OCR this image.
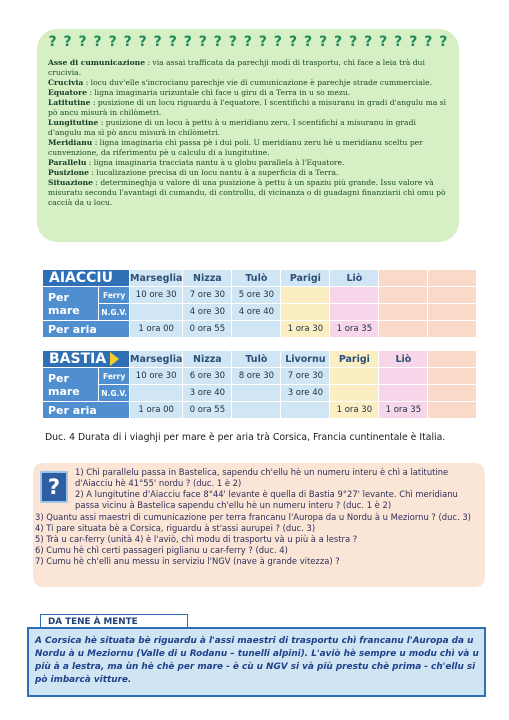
? ? ? ? ? ? ? ? ? ? ? ? ? ? ? ? ? ? ? ? ? ? ? ? ? ? ?

Asse di cumunicazione : via assai trafficata da parechji modi di trasportu, chì face a leia trà dui crucivia.

Crucivia : locu duv'elle s'incrocianu parechje vie di cumunicazione è parechje strade cummerciale.

Equatore : ligna imaginaria urizuntale chì face u giru di a Terra in u so mezu.

Latitutine : pusizione di un locu riguardu à l'equatore. I scentifichi a misuranu in gradi d'angulu ma sì pò ancu misurà in chilòmetri.

Lungitutine : pusizione di un locu à pettu à u meridianu zeru. I scentifichi a misuranu in gradi d'angulu ma sì pò ancu misurà in chilòmetri.

Meridianu : ligna imaginaria chì passa pè i dui poli. U meridianu zeru hè u meridianu sceltu per cunvenzione, da riferimentu pè u calculu di a lungitutine.

Parallelu : ligna imaginaria tracciata nantu à u globu parallela à l'Equatore.

Pusizione : lucalizazione precisa di un locu nantu à a superficia di a Terra.

Situazione : determineghja u valore di una pusizione à pettu à un spaziu più grande. Issu valore và misuratu secondu l'avantagi di cumandu, di controllu, di vicinanza o di guadagni finanziarii chì omu pò caccià da u locu.

AIACCIU		Marseglia	Nizza	Tulò	Parigi	Liò		
Per mare	Ferry	10 ore 30	7 ore 30	5 ore 30				
	N.G.V.		4 ore 30	4 ore 40				
Per aria		1 ora 00	0 ora 55		1 ora 30	1 ora 35		
BASTIA		Marseglia	Nizza	Tulò	Livornu	Parigi	Liò	
Per mare	Ferry	10 ore 30	6 ore 30	8 ore 30	7 ore 30			
	N.G.V.		3 ore 40		3 ore 40			
Per aria		1 ora 00	0 ora 55			1 ora 30	1 ora 35	
Duc. 4 Durata di i viaghji per mare è per aria trà Corsica, Francia cuntinentale è Italia.
?
1) Chì parallelu passa in Bastelica, sapendu ch'ellu hè un numeru interu è chì a latitutine
d'Aiacciu hè 41°55' nordu ? (duc. 1 è 2)
2) A lungitutine d'Aiacciu face 8°44' levante è quella di Bastia 9°27' levante. Chì meridianu
passa vicinu à Bastelica sapendu ch'ellu hè un numeru interu ? (duc. 1 è 2)
3) Quantu assi maestri di cumunicazione per terra francanu l'Auropa da u Nordu à u Meziornu ? (duc. 3)
4) Ti pare situata bè a Corsica, riguardu à st'assi aurupei ? (duc. 3)
5) Trà u car-ferry (unità 4) è l'aviò, chì modu di trasportu và u più à a lestra ?
6) Cumu hè chì certi passageri piglianu u car-ferry ? (duc. 4)
7) Cumu hè ch'elli anu messu in serviziu l'NGV (nave à grande vitezza) ?
DA TENE À MENTE
A Corsica hè situata bè riguardu à l'assi maestri di trasportu chì francanu l'Auropa da u Nordu à u Meziornu (Valle di u Rodanu – tunelli alpini). L'aviò hè sempre u modu chì và u più à a lestra, ma ùn hè chè per mare - è cù u NGV si và più prestu chè prima - ch'ellu si pò imbarcà vitture.
